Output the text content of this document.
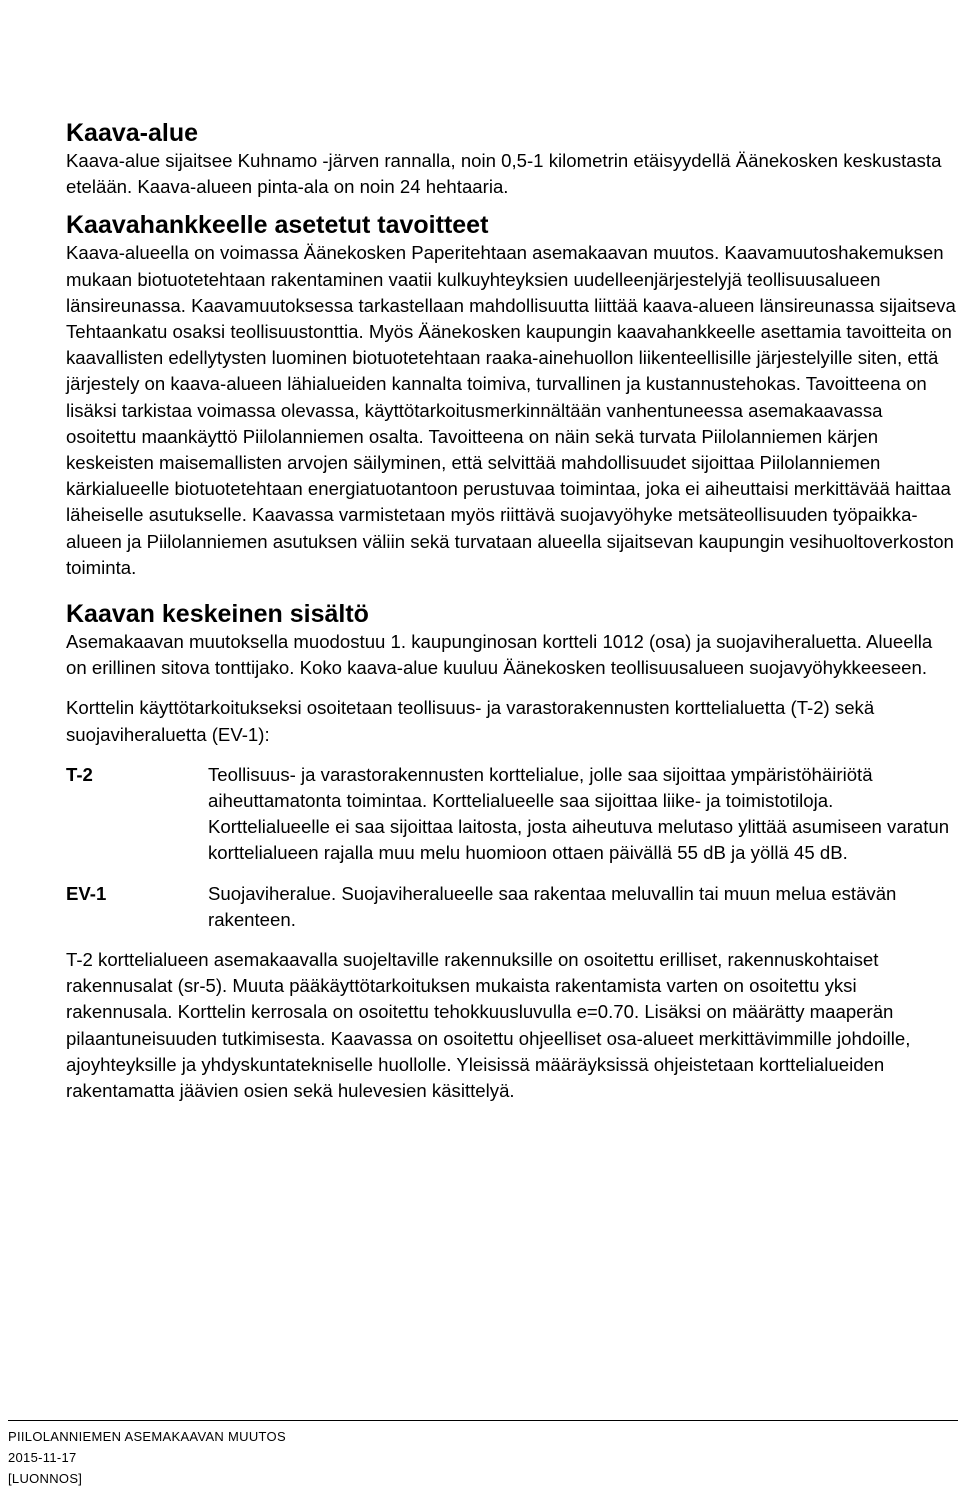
Kaava-alue

Kaava-alue sijaitsee Kuhnamo -järven rannalla, noin 0,5-1 kilometrin etäisyydellä Äänekosken keskustasta etelään. Kaava-alueen pinta-ala on noin 24 hehtaaria.

Kaavahankkeelle asetetut tavoitteet

Kaava-alueella on voimassa Äänekosken Paperitehtaan asemakaavan muutos. Kaavamuutoshakemuksen mukaan biotuotetehtaan rakentaminen vaatii kulkuyhteyksien uudelleenjärjestelyjä teollisuusalueen länsireunassa. Kaavamuutoksessa tarkastellaan mahdollisuutta liittää kaava-alueen länsireunassa sijaitseva Tehtaankatu osaksi teollisuustonttia. Myös Äänekosken kaupungin kaavahankkeelle asettamia tavoitteita on kaavallisten edellytysten luominen biotuotetehtaan raaka-ainehuollon liikenteellisille järjestelyille siten, että järjestely on kaava-alueen lähialueiden kannalta toimiva, turvallinen ja kustannustehokas. Tavoitteena on lisäksi tarkistaa voimassa olevassa, käyttötarkoitusmerkinnältään vanhentuneessa asemakaavassa osoitettu maankäyttö Piilolanniemen osalta. Tavoitteena on näin sekä turvata Piilolanniemen kärjen keskeisten maisemallisten arvojen säilyminen, että selvittää mahdollisuudet sijoittaa Piilolanniemen kärkialueelle biotuotetehtaan energiatuotantoon perustuvaa toimintaa, joka ei aiheuttaisi merkittävää haittaa läheiselle asutukselle. Kaavassa varmistetaan myös riittävä suojavyöhyke metsäteollisuuden työpaikka-alueen ja Piilolanniemen asutuksen väliin sekä turvataan alueella sijaitsevan kaupungin vesihuoltoverkoston toiminta.

Kaavan keskeinen sisältö

Asemakaavan muutoksella muodostuu 1. kaupunginosan kortteli 1012 (osa) ja suojaviheraluetta. Alueella on erillinen sitova tonttijako. Koko kaava-alue kuuluu Äänekosken teollisuusalueen suojavyöhykkeeseen.

Korttelin käyttötarkoitukseksi osoitetaan teollisuus- ja varastorakennusten korttelialuetta (T-2) sekä suojaviheraluetta (EV-1):

T-2	Teollisuus- ja varastorakennusten korttelialue, jolle saa sijoittaa ympäristöhäiriötä aiheuttamatonta toimintaa. Korttelialueelle saa sijoittaa liike- ja toimistotiloja. Korttelialueelle ei saa sijoittaa laitosta, josta aiheutuva melutaso ylittää asumiseen varatun korttelialueen rajalla muu melu huomioon ottaen päivällä 55 dB ja yöllä 45 dB.
EV-1	Suojaviheralue. Suojaviheralueelle saa rakentaa meluvallin tai muun melua estävän rakenteen.

T-2 korttelialueen asemakaavalla suojeltaville rakennuksille on osoitettu erilliset, rakennuskohtaiset rakennusalat (sr-5). Muuta pääkäyttötarkoituksen mukaista rakentamista varten on osoitettu yksi rakennusala. Korttelin kerrosala on osoitettu tehokkuusluvulla e=0.70. Lisäksi on määrätty maaperän pilaantuneisuuden tutkimisesta. Kaavassa on osoitettu ohjeelliset osa-alueet merkittävimmille johdoille, ajoyhteyksille ja yhdyskuntatekniselle huollolle. Yleisissä määräyksissä ohjeistetaan korttelialueiden rakentamatta jäävien osien sekä hulevesien käsittelyä.

PIILOLANNIEMEN ASEMAKAAVAN MUUTOS
2015-11-17
[LUONNOS]
